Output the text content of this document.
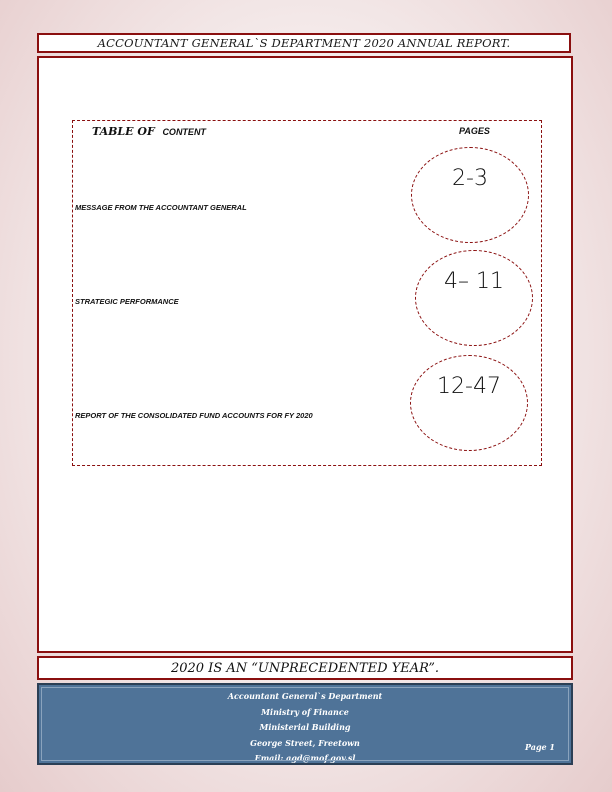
ACCOUNTANT GENERAL`S DEPARTMENT 2020 ANNUAL REPORT.
TABLE OF CONTENT	PAGES
MESSAGE FROM THE ACCOUNTANT GENERAL
2-3
STRATEGIC PERFORMANCE
4– 11
REPORT OF THE CONSOLIDATED FUND ACCOUNTS FOR FY 2020
12-47
2020 IS AN “UNPRECEDENTED YEAR”.
Accountant General`s Department
Ministry of Finance
Ministerial Building
George Street, Freetown
Email: agd@mof.gov.sl
Page 1
